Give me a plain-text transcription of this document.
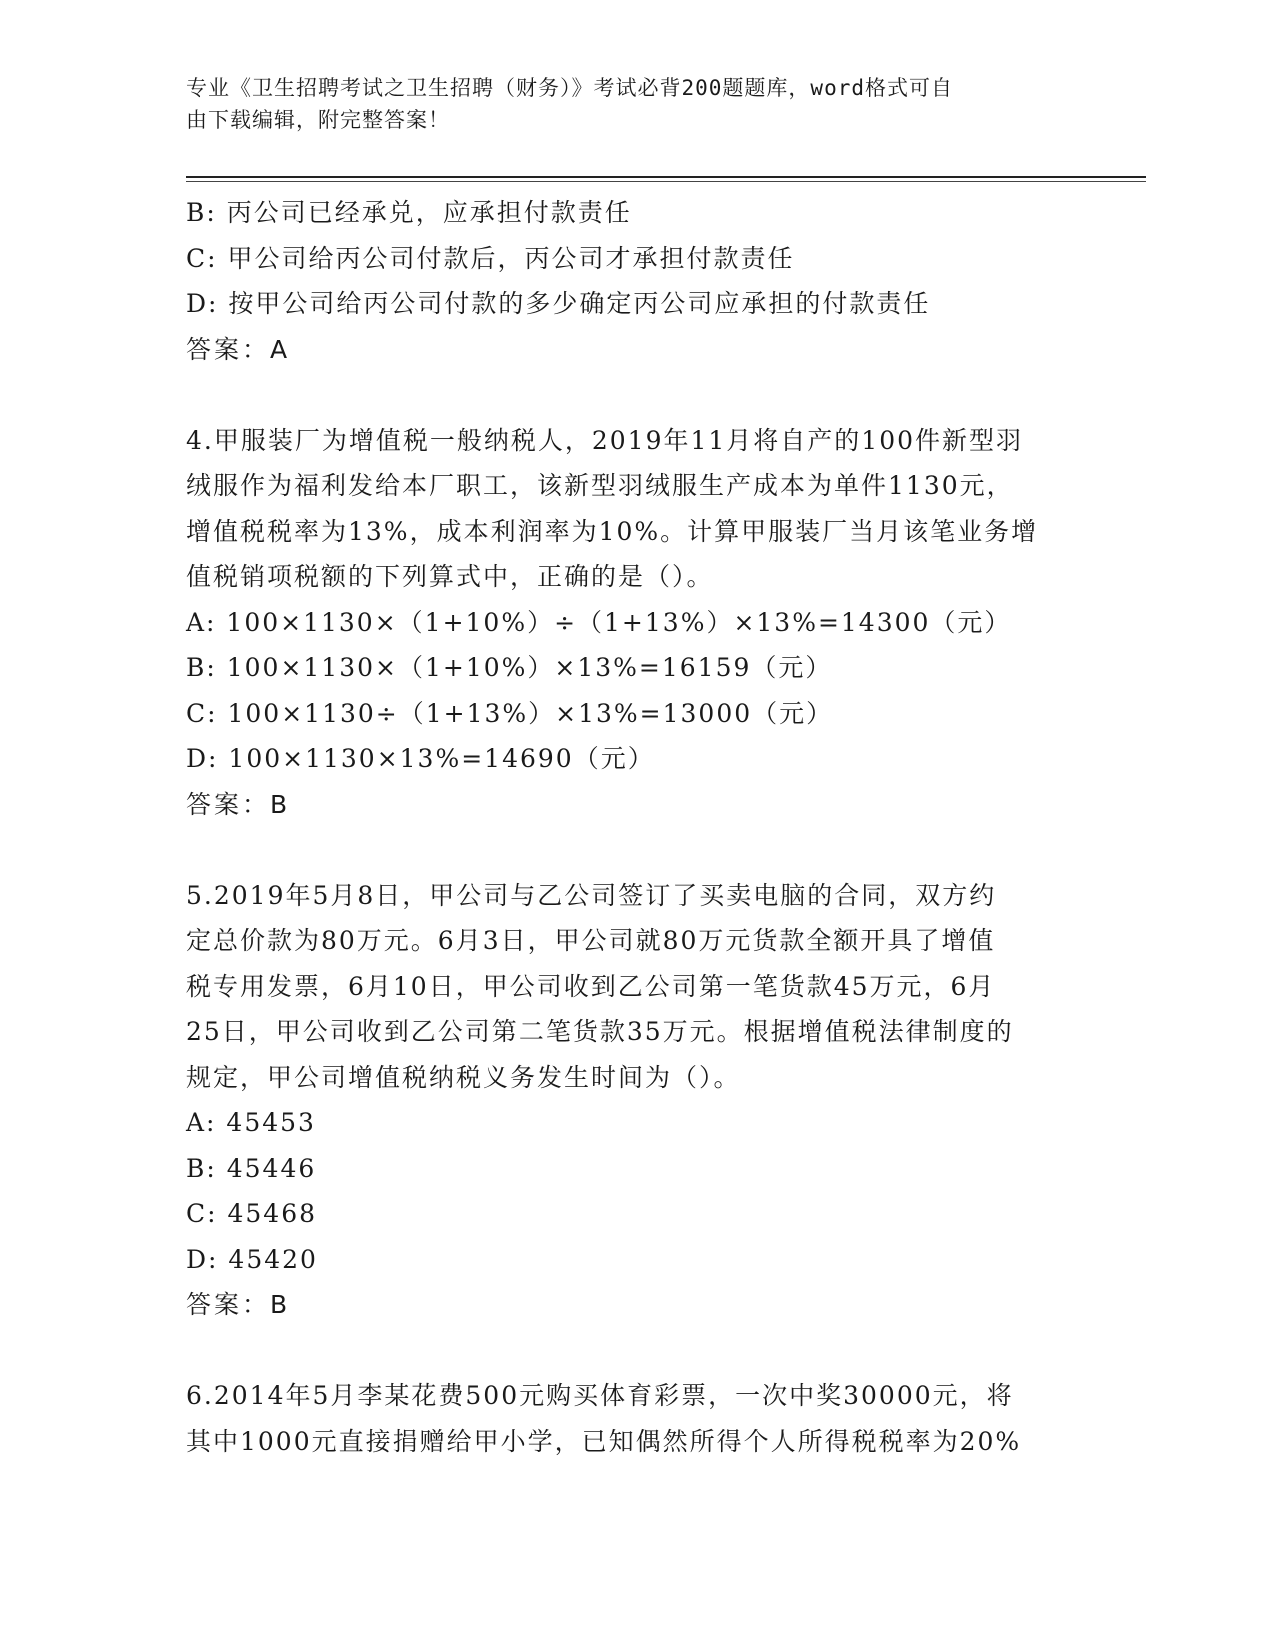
专业《卫生招聘考试之卫生招聘（财务）》考试必背200题题库，word格式可自
由下载编辑，附完整答案！
B: 丙公司已经承兑，应承担付款责任
C: 甲公司给丙公司付款后，丙公司才承担付款责任
D: 按甲公司给丙公司付款的多少确定丙公司应承担的付款责任
答案：A
4.甲服装厂为增值税一般纳税人，2019年11月将自产的100件新型羽
绒服作为福利发给本厂职工，该新型羽绒服生产成本为单件1130元，
增值税税率为13%，成本利润率为10%。计算甲服装厂当月该笔业务增
值税销项税额的下列算式中，正确的是（）。
A: 100×1130×（1+10%）÷（1+13%）×13%=14300（元）
B: 100×1130×（1+10%）×13%=16159（元）
C: 100×1130÷（1+13%）×13%=13000（元）
D: 100×1130×13%=14690（元）
答案：B
5.2019年5月8日，甲公司与乙公司签订了买卖电脑的合同，双方约
定总价款为80万元。6月3日，甲公司就80万元货款全额开具了增值
税专用发票，6月10日，甲公司收到乙公司第一笔货款45万元，6月
25日，甲公司收到乙公司第二笔货款35万元。根据增值税法律制度的
规定，甲公司增值税纳税义务发生时间为（）。
A: 45453
B: 45446
C: 45468
D: 45420
答案：B
6.2014年5月李某花费500元购买体育彩票，一次中奖30000元，将
其中1000元直接捐赠给甲小学，已知偶然所得个人所得税税率为20%
